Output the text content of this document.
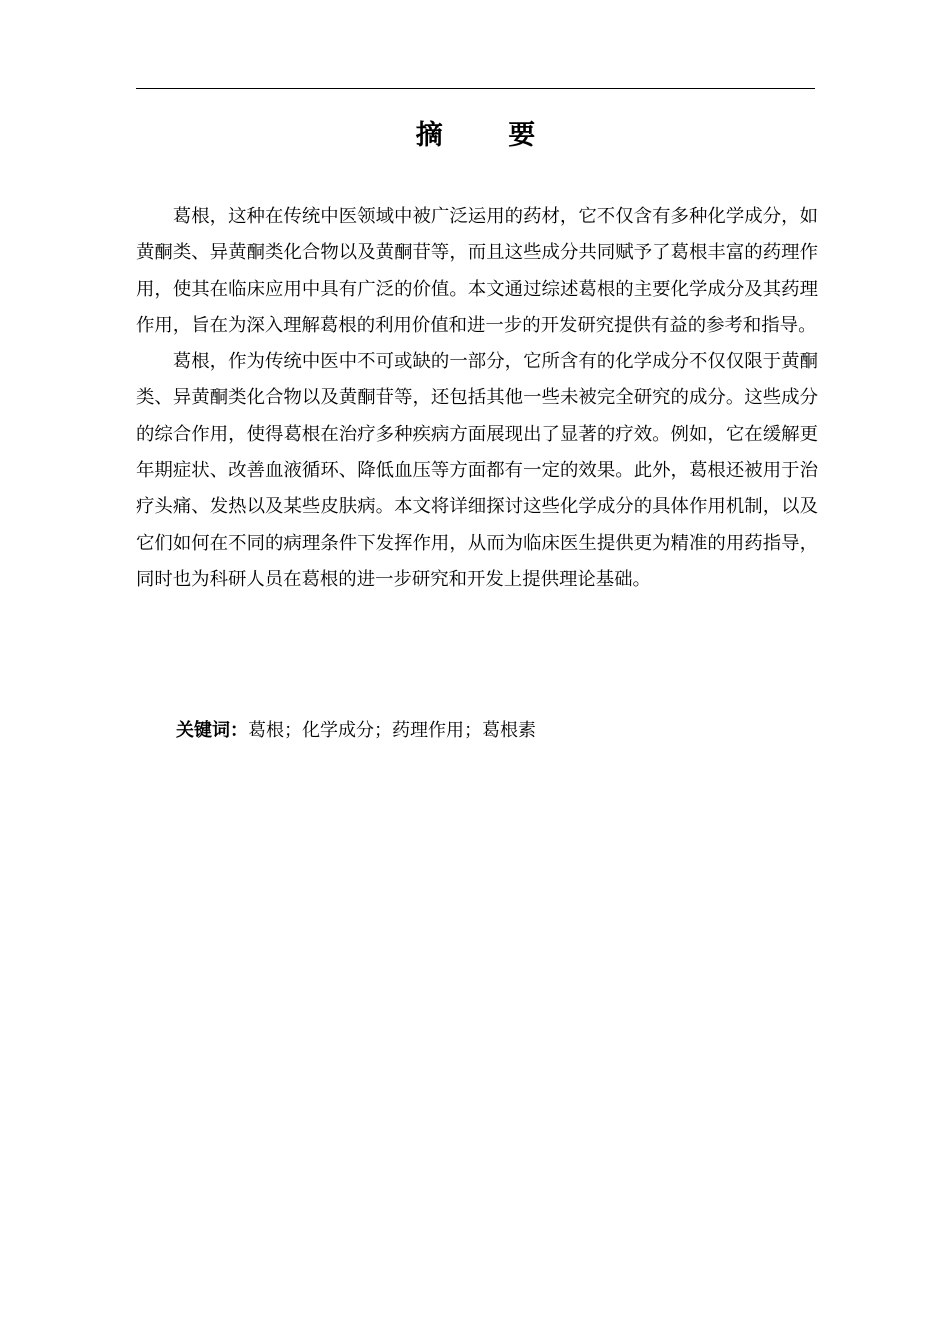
摘 要

葛根，这种在传统中医领域中被广泛运用的药材，它不仅含有多种化学成分，如黄酮类、异黄酮类化合物以及黄酮苷等，而且这些成分共同赋予了葛根丰富的药理作用，使其在临床应用中具有广泛的价值。本文通过综述葛根的主要化学成分及其药理作用，旨在为深入理解葛根的利用价值和进一步的开发研究提供有益的参考和指导。

葛根，作为传统中医中不可或缺的一部分，它所含有的化学成分不仅仅限于黄酮类、异黄酮类化合物以及黄酮苷等，还包括其他一些未被完全研究的成分。这些成分的综合作用，使得葛根在治疗多种疾病方面展现出了显著的疗效。例如，它在缓解更年期症状、改善血液循环、降低血压等方面都有一定的效果。此外，葛根还被用于治疗头痛、发热以及某些皮肤病。本文将详细探讨这些化学成分的具体作用机制，以及它们如何在不同的病理条件下发挥作用，从而为临床医生提供更为精准的用药指导，同时也为科研人员在葛根的进一步研究和开发上提供理论基础。

关键词：葛根；化学成分；药理作用；葛根素
